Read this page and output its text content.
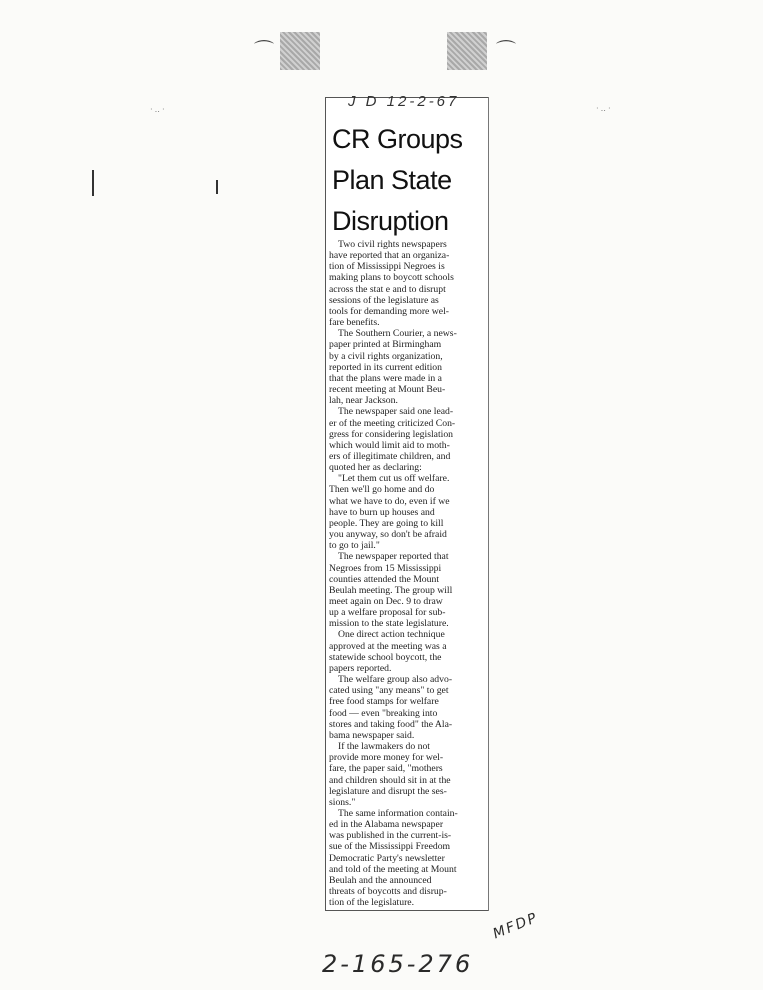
⌒	⌒
·‥·	·‥·
J D 12-2-67
CR Groups
Plan State
Disruption

Two civil rights newspapers
have reported that an organiza-
tion of Mississippi Negroes is
making plans to boycott schools
across the stat e and to disrupt
sessions of the legislature as
tools for demanding more wel-
fare benefits.

The Southern Courier, a news-
paper printed at Birmingham
by a civil rights organization,
reported in its current edition
that the plans were made in a
recent meeting at Mount Beu-
lah, near Jackson.

The newspaper said one lead-
er of the meeting criticized Con-
gress for considering legislation
which would limit aid to moth-
ers of illegitimate children, and
quoted her as declaring:

"Let them cut us off welfare.
Then we'll go home and do
what we have to do, even if we
have to burn up houses and
people. They are going to kill
you anyway, so don't be afraid
to go to jail."

The newspaper reported that
Negroes from 15 Mississippi
counties attended the Mount
Beulah meeting. The group will
meet again on Dec. 9 to draw
up a welfare proposal for sub-
mission to the state legislature.

One direct action technique
approved at the meeting was a
statewide school boycott, the
papers reported.

The welfare group also advo-
cated using "any means" to get
free food stamps for welfare
food — even "breaking into
stores and taking food" the Ala-
bama newspaper said.

If the lawmakers do not
provide more money for wel-
fare, the paper said, "mothers
and children should sit in at the
legislature and disrupt the ses-
sions."

The same information contain-
ed in the Alabama newspaper
was published in the current-is-
sue of the Mississippi Freedom
Democratic Party's newsletter
and told of the meeting at Mount
Beulah and the announced
threats of boycotts and disrup-
tion of the legislature.

2-165-276
MFDP
